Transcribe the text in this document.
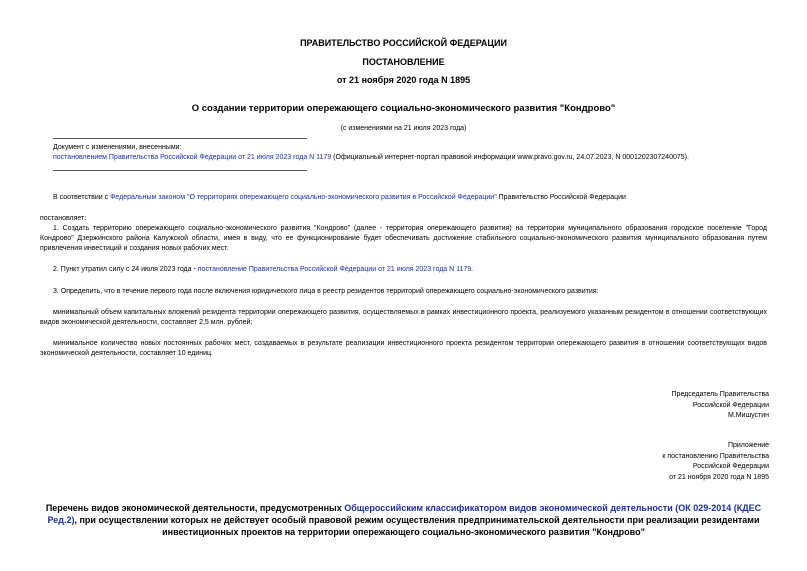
ПРАВИТЕЛЬСТВО РОССИЙСКОЙ ФЕДЕРАЦИИ
ПОСТАНОВЛЕНИЕ
от 21 ноября 2020 года N 1895
О создании территории опережающего социально-экономического развития "Кондрово"
(с изменениями на 21 июля 2023 года)
Документ с изменениями, внесенными:
постановлением Правительства Российской Федерации от 21 июля 2023 года N 1179 (Официальный интернет-портал правовой информации www.pravo.gov.ru, 24.07.2023, N 0001202307240075).
В соответствии с Федеральным законом "О территориях опережающего социально-экономического развития в Российской Федерации" Правительство Российской Федерации
постановляет:
1. Создать территорию опережающего социально-экономического развития "Кондрово" (далее - территория опережающего развития) на территории муниципального образования городское поселение "Город Кондрово" Дзержинского района Калужской области, имея в виду, что ее функционирование будет обеспечивать достижение стабильного социально-экономического развития муниципального образования путем привлечения инвестиций и создания новых рабочих мест.
2. Пункт утратил силу с 24 июля 2023 года - постановление Правительства Российской Федерации от 21 июля 2023 года N 1179.
3. Определить, что в течение первого года после включения юридического лица в реестр резидентов территорий опережающего социально-экономического развития:
минимальный объем капитальных вложений резидента территории опережающего развития, осуществляемых в рамках инвестиционного проекта, реализуемого указанным резидентом в отношении соответствующих видов экономической деятельности, составляет 2,5 млн. рублей;
минимальное количество новых постоянных рабочих мест, создаваемых в результате реализации инвестиционного проекта резидентом территории опережающего развития в отношении соответствующих видов экономической деятельности, составляет 10 единиц.
Председатель Правительства
Российской Федерации
М.Мишустин
Приложение
к постановлению Правительства
Российской Федерации
от 21 ноября 2020 года N 1895
Перечень видов экономической деятельности, предусмотренных Общероссийским классификатором видов экономической деятельности (ОК 029-2014 (КДЕС Ред.2), при осуществлении которых не действует особый правовой режим осуществления предпринимательской деятельности при реализации резидентами инвестиционных проектов на территории опережающего социально-экономического развития "Кондрово"
